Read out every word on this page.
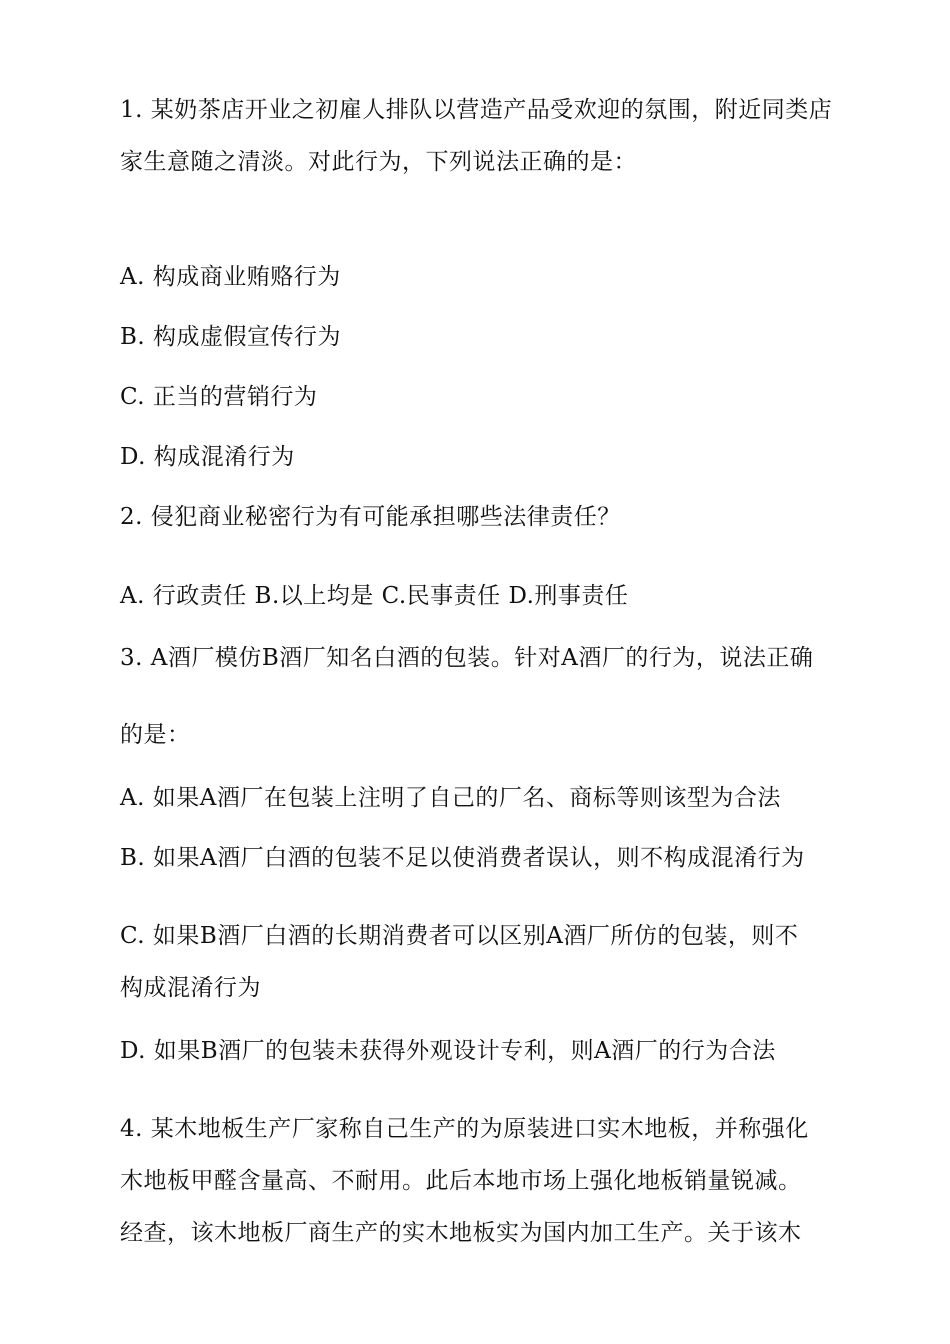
1. 某奶茶店开业之初雇人排队以营造产品受欢迎的氛围，附近同类店
家生意随之清淡。对此行为，下列说法正确的是：
A. 构成商业贿赂行为
B. 构成虚假宣传行为
C. 正当的营销行为
D. 构成混淆行为
2. 侵犯商业秘密行为有可能承担哪些法律责任？
A. 行政责任 B.以上均是 C.民事责任 D.刑事责任
3. A酒厂模仿B酒厂知名白酒的包装。针对A酒厂的行为，说法正确
的是：
A. 如果A酒厂在包装上注明了自己的厂名、商标等则该型为合法
B. 如果A酒厂白酒的包装不足以使消费者误认，则不构成混淆行为
C. 如果B酒厂白酒的长期消费者可以区别A酒厂所仿的包装，则不
构成混淆行为
D. 如果B酒厂的包装未获得外观设计专利，则A酒厂的行为合法
4. 某木地板生产厂家称自己生产的为原装进口实木地板，并称强化
木地板甲醛含量高、不耐用。此后本地市场上强化地板销量锐减。
经查，该木地板厂商生产的实木地板实为国内加工生产。关于该木
